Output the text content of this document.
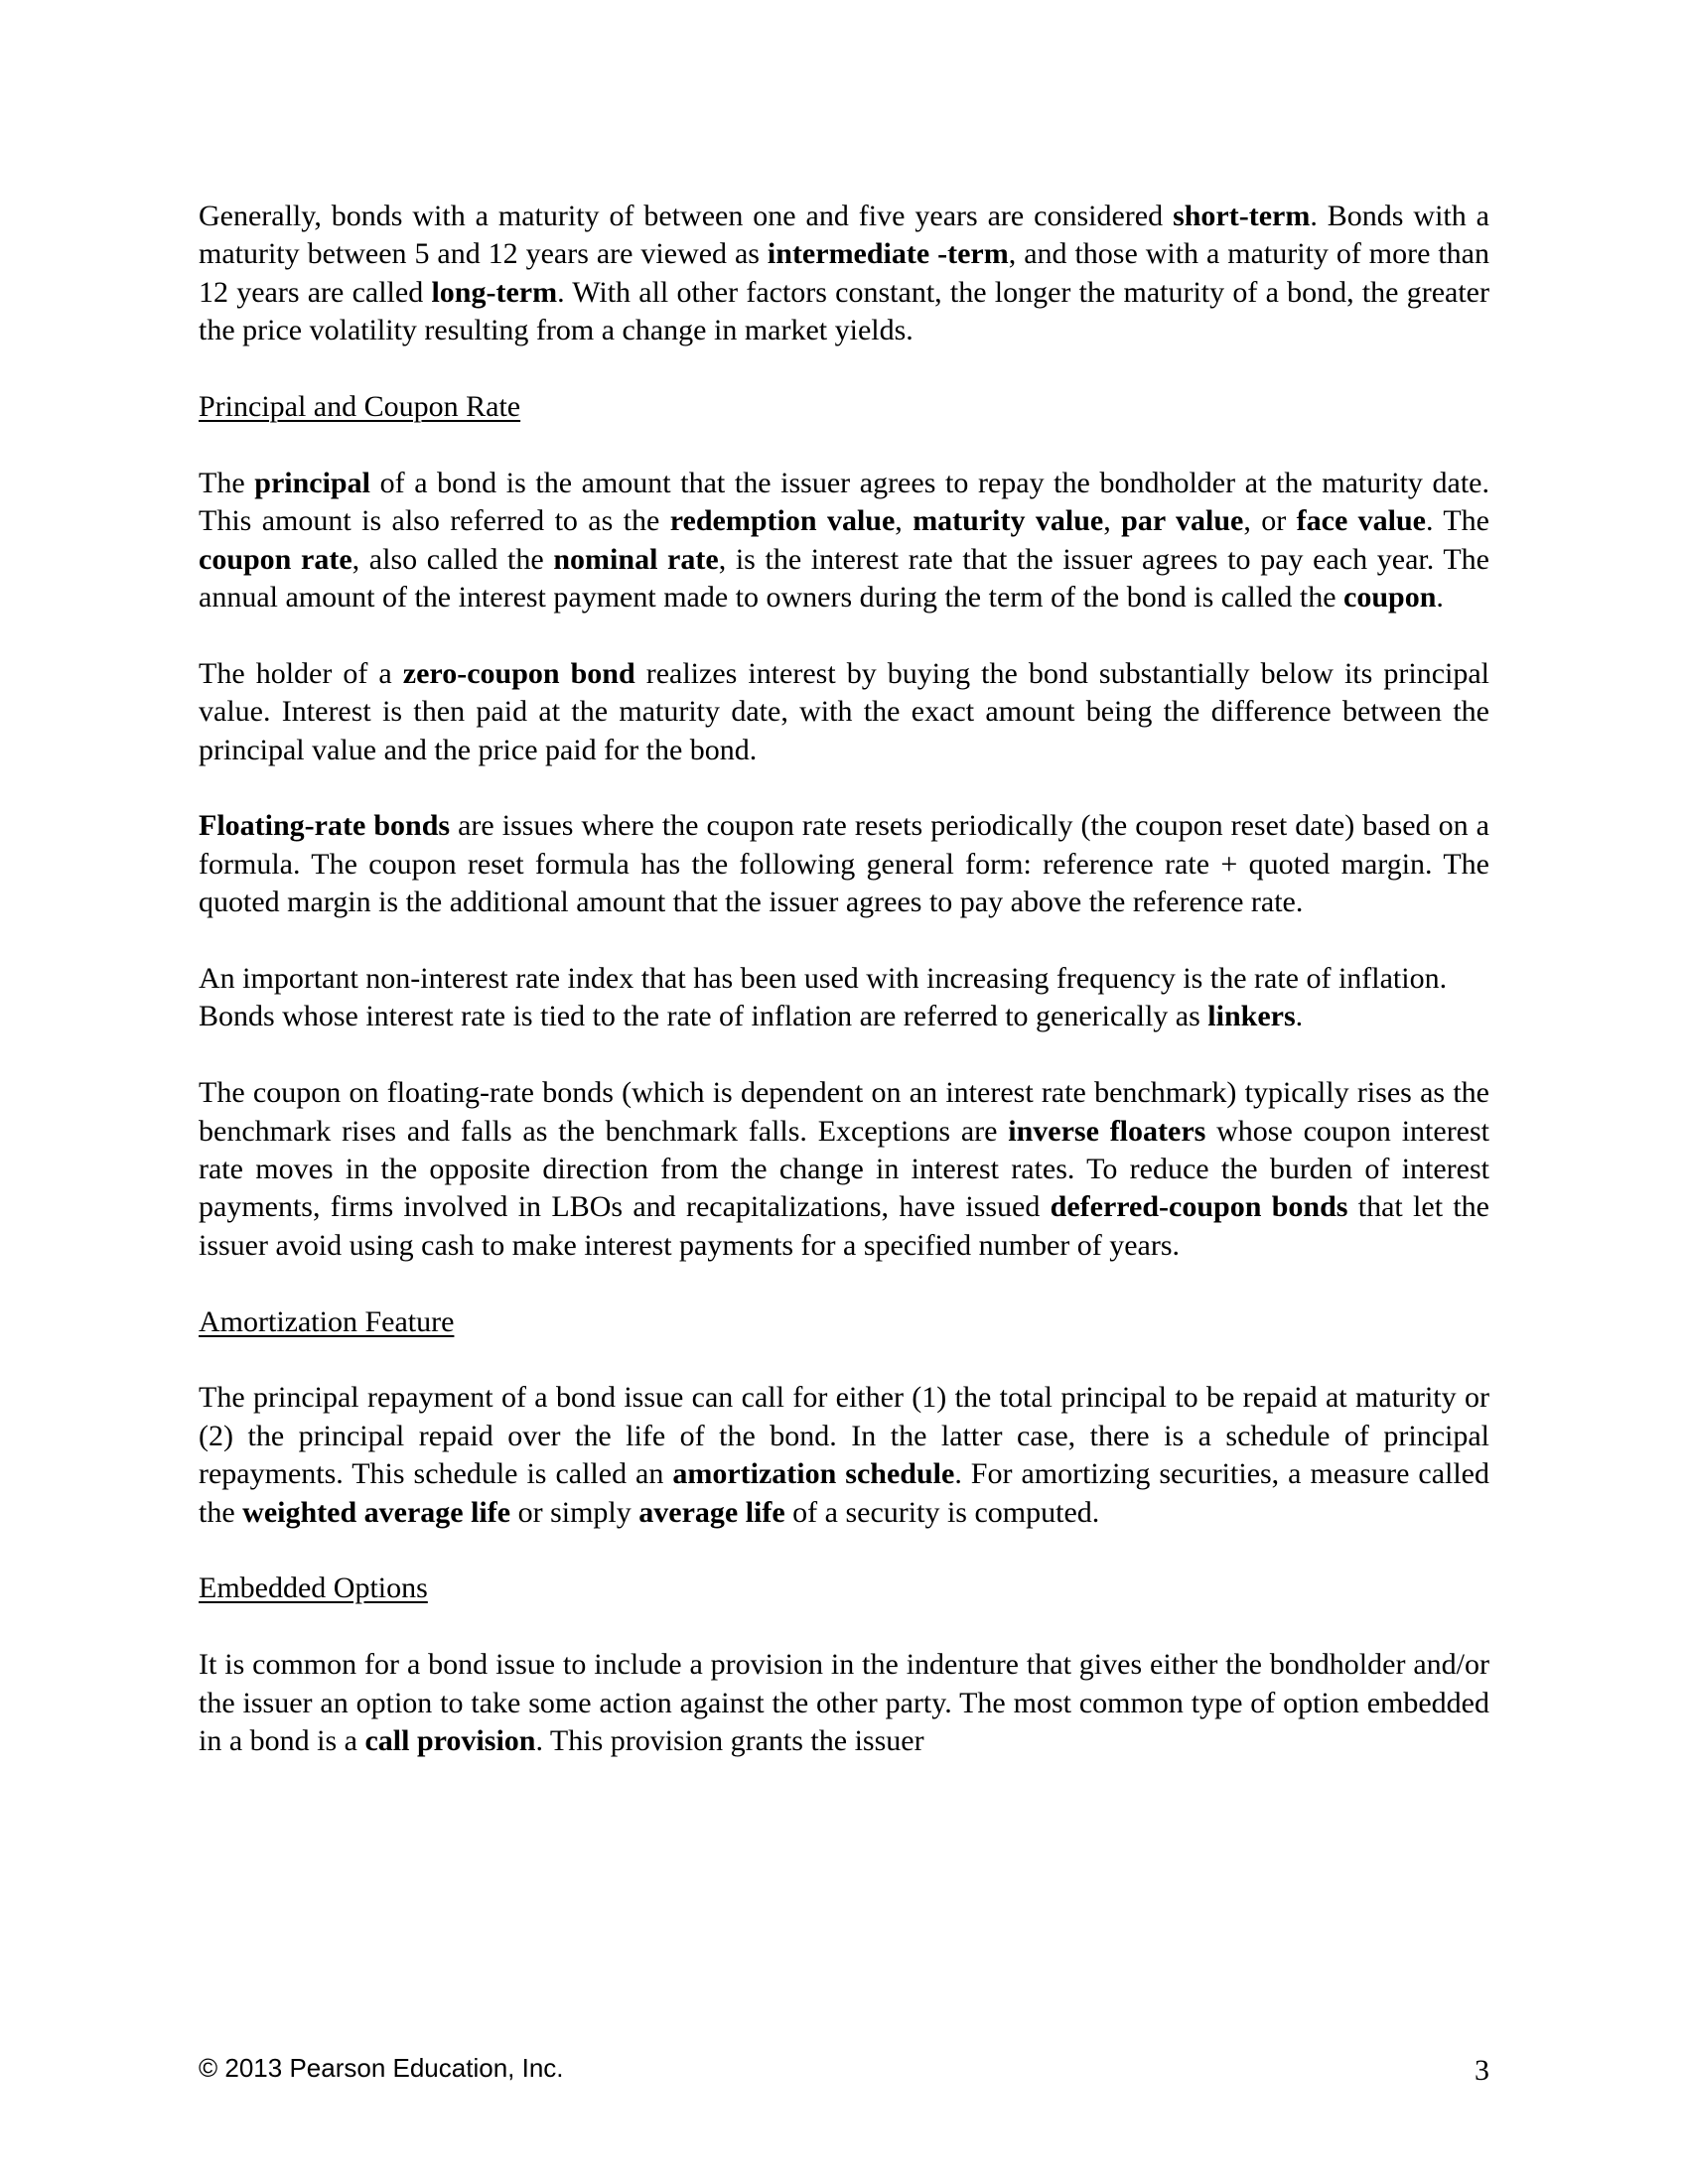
Generally, bonds with a maturity of between one and five years are considered short-term. Bonds with a maturity between 5 and 12 years are viewed as intermediate -term, and those with a maturity of more than 12 years are called long-term. With all other factors constant, the longer the maturity of a bond, the greater the price volatility resulting from a change in market yields.

Principal and Coupon Rate

The principal of a bond is the amount that the issuer agrees to repay the bondholder at the maturity date. This amount is also referred to as the redemption value, maturity value, par value, or face value. The coupon rate, also called the nominal rate, is the interest rate that the issuer agrees to pay each year. The annual amount of the interest payment made to owners during the term of the bond is called the coupon.

The holder of a zero-coupon bond realizes interest by buying the bond substantially below its principal value. Interest is then paid at the maturity date, with the exact amount being the difference between the principal value and the price paid for the bond.

Floating-rate bonds are issues where the coupon rate resets periodically (the coupon reset date) based on a formula. The coupon reset formula has the following general form: reference rate + quoted margin. The quoted margin is the additional amount that the issuer agrees to pay above the reference rate.

An important non-interest rate index that has been used with increasing frequency is the rate of inflation. Bonds whose interest rate is tied to the rate of inflation are referred to generically as linkers.

The coupon on floating-rate bonds (which is dependent on an interest rate benchmark) typically rises as the benchmark rises and falls as the benchmark falls. Exceptions are inverse floaters whose coupon interest rate moves in the opposite direction from the change in interest rates. To reduce the burden of interest payments, firms involved in LBOs and recapitalizations, have issued deferred-coupon bonds that let the issuer avoid using cash to make interest payments for a specified number of years.

Amortization Feature

The principal repayment of a bond issue can call for either (1) the total principal to be repaid at maturity or (2) the principal repaid over the life of the bond. In the latter case, there is a schedule of principal repayments. This schedule is called an amortization schedule. For amortizing securities, a measure called the weighted average life or simply average life of a security is computed.

Embedded Options

It is common for a bond issue to include a provision in the indenture that gives either the bondholder and/or the issuer an option to take some action against the other party. The most common type of option embedded in a bond is a call provision. This provision grants the issuer

© 2013 Pearson Education, Inc.	3
